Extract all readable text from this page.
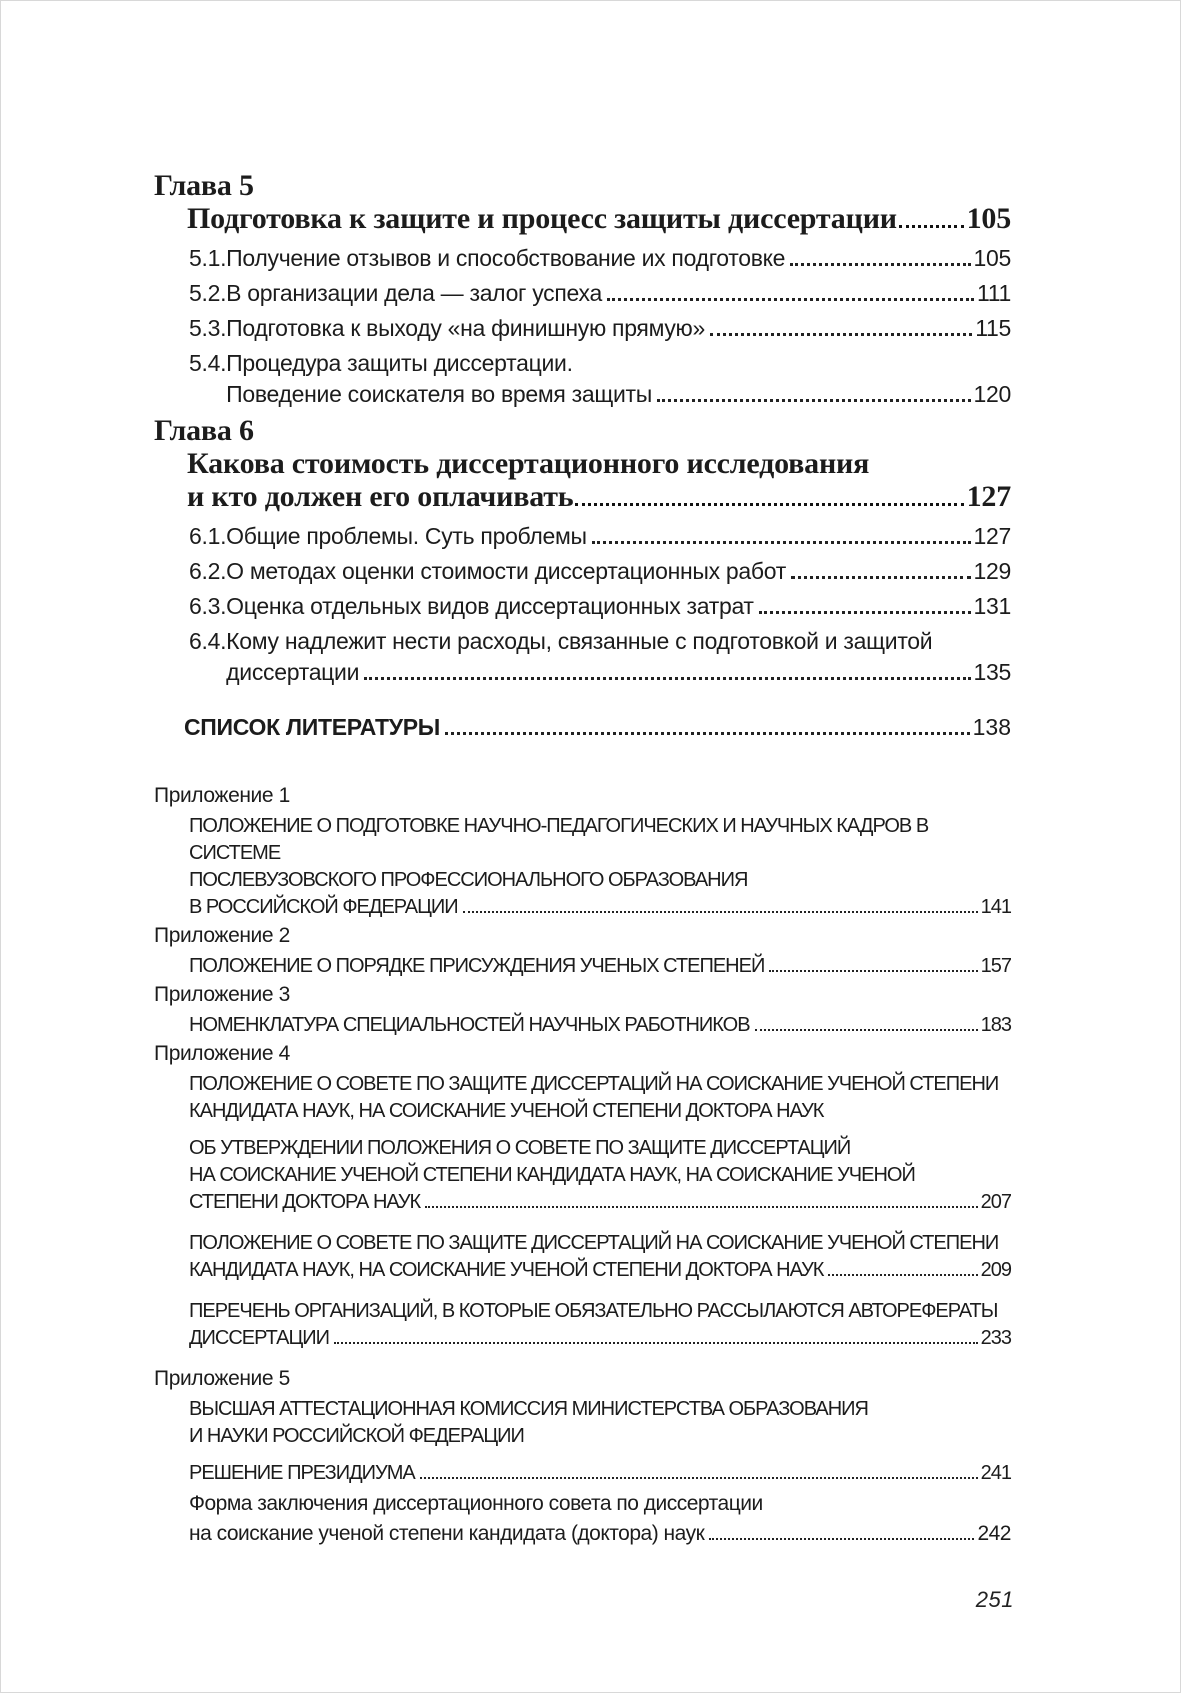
Глава 5
Подготовка к защите и процесс защиты диссертации 105
5.1. Получение отзывов и способствование их подготовке	105
5.2. В организации дела — залог успеха	111
5.3. Подготовка к выходу «на финишную прямую»	115
5.4. Процедура защиты диссертации.
Поведение соискателя во время защиты	120
Глава 6
Какова стоимость диссертационного исследования
и кто должен его оплачивать	127
6.1. Общие проблемы. Суть проблемы	127
6.2. О методах оценки стоимости диссертационных работ	129
6.3. Оценка отдельных видов диссертационных затрат	131
6.4. Кому надлежит нести расходы, связанные с подготовкой и защитой
диссертации	135
СПИСОК ЛИТЕРАТУРЫ	138
Приложение 1
ПОЛОЖЕНИЕ О ПОДГОТОВКЕ НАУЧНО-ПЕДАГОГИЧЕСКИХ И НАУЧНЫХ КАДРОВ В СИСТЕМЕ
ПОСЛЕВУЗОВСКОГО ПРОФЕССИОНАЛЬНОГО ОБРАЗОВАНИЯ
В РОССИЙСКОЙ ФЕДЕРАЦИИ	141
Приложение 2
ПОЛОЖЕНИЕ О ПОРЯДКЕ ПРИСУЖДЕНИЯ УЧЕНЫХ СТЕПЕНЕЙ	157
Приложение 3
НОМЕНКЛАТУРА СПЕЦИАЛЬНОСТЕЙ НАУЧНЫХ РАБОТНИКОВ	183
Приложение 4
ПОЛОЖЕНИЕ О СОВЕТЕ ПО ЗАЩИТЕ ДИССЕРТАЦИЙ НА СОИСКАНИЕ УЧЕНОЙ СТЕПЕНИ
КАНДИДАТА НАУК, НА СОИСКАНИЕ УЧЕНОЙ СТЕПЕНИ ДОКТОРА НАУК
ОБ УТВЕРЖДЕНИИ ПОЛОЖЕНИЯ О СОВЕТЕ ПО ЗАЩИТЕ ДИССЕРТАЦИЙ
НА СОИСКАНИЕ УЧЕНОЙ СТЕПЕНИ КАНДИДАТА НАУК, НА СОИСКАНИЕ УЧЕНОЙ
СТЕПЕНИ ДОКТОРА НАУК	207
ПОЛОЖЕНИЕ О СОВЕТЕ ПО ЗАЩИТЕ ДИССЕРТАЦИЙ НА СОИСКАНИЕ УЧЕНОЙ СТЕПЕНИ
КАНДИДАТА НАУК, НА СОИСКАНИЕ УЧЕНОЙ СТЕПЕНИ ДОКТОРА НАУК	209
ПЕРЕЧЕНЬ ОРГАНИЗАЦИЙ, В КОТОРЫЕ ОБЯЗАТЕЛЬНО РАССЫЛАЮТСЯ АВТОРЕФЕРАТЫ
ДИССЕРТАЦИИ	233
Приложение 5
ВЫСШАЯ АТТЕСТАЦИОННАЯ КОМИССИЯ МИНИСТЕРСТВА ОБРАЗОВАНИЯ
И НАУКИ РОССИЙСКОЙ ФЕДЕРАЦИИ
РЕШЕНИЕ ПРЕЗИДИУМА	241
Форма заключения диссертационного совета по диссертации
на соискание ученой степени кандидата (доктора) наук	242
251
